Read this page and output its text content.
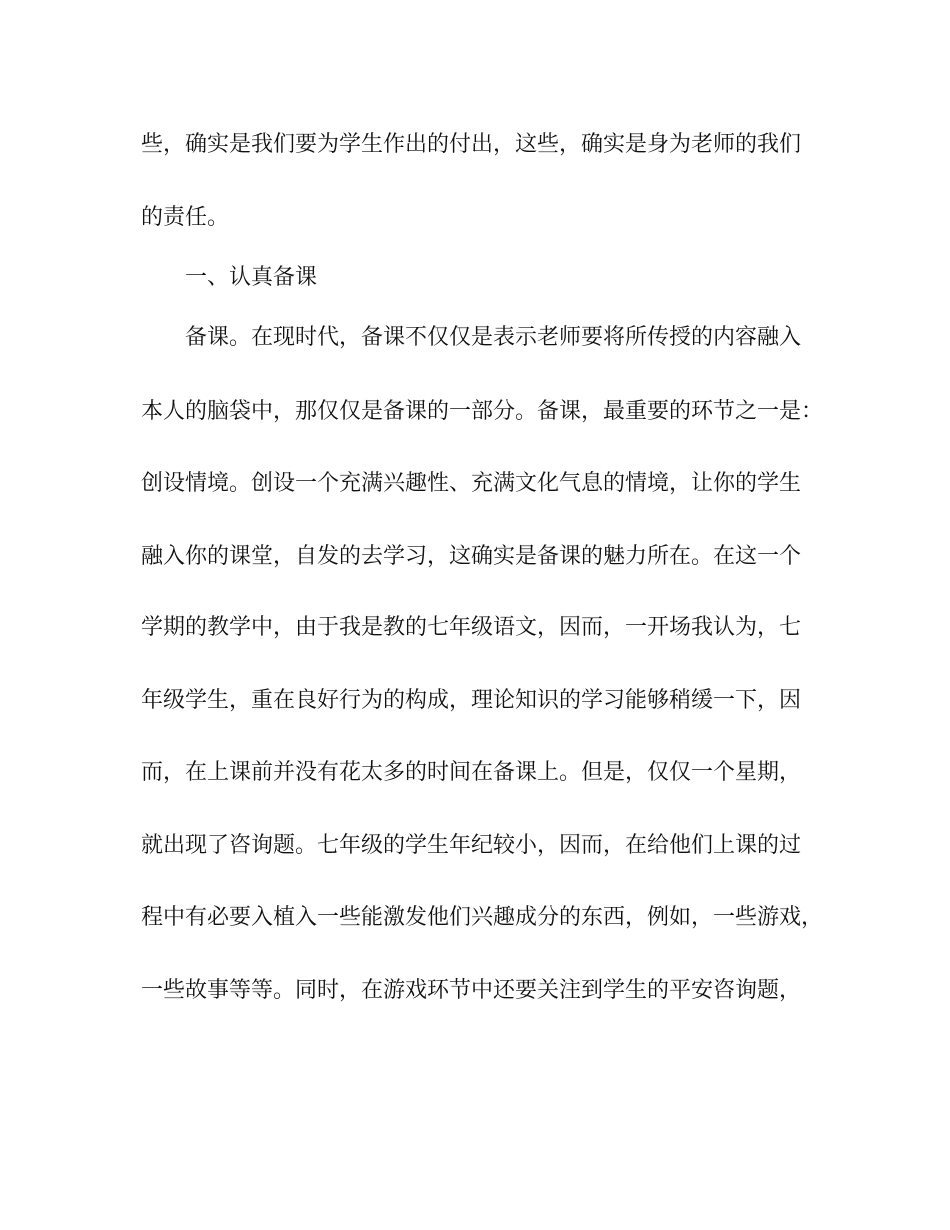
些，确实是我们要为学生作出的付出，这些，确实是身为老师的我们
的责任。
一、认真备课
备课。在现时代，备课不仅仅是表示老师要将所传授的内容融入
本人的脑袋中，那仅仅是备课的一部分。备课，最重要的环节之一是：
创设情境。创设一个充满兴趣性、充满文化气息的情境，让你的学生
融入你的课堂，自发的去学习，这确实是备课的魅力所在。在这一个
学期的教学中，由于我是教的七年级语文，因而，一开场我认为，七
年级学生，重在良好行为的构成，理论知识的学习能够稍缓一下，因
而，在上课前并没有花太多的时间在备课上。但是，仅仅一个星期，
就出现了咨询题。七年级的学生年纪较小，因而，在给他们上课的过
程中有必要入植入一些能激发他们兴趣成分的东西，例如，一些游戏，
一些故事等等。同时，在游戏环节中还要关注到学生的平安咨询题，
